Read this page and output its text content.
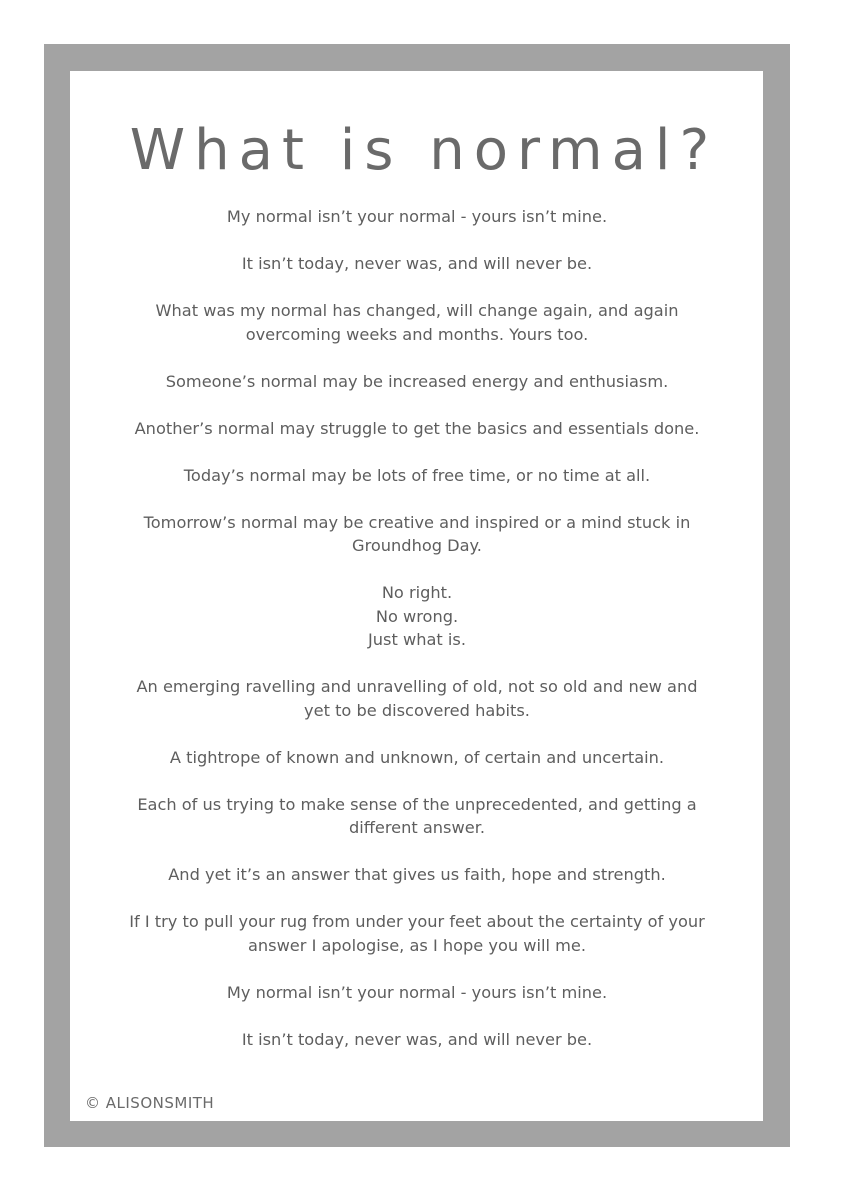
What is normal?
My normal isn’t your normal - yours isn’t mine.
It isn’t today, never was, and will never be.
What was my normal has changed, will change again, and again
overcoming weeks and months. Yours too.
Someone’s normal may be increased energy and enthusiasm.
Another’s normal may struggle to get the basics and essentials done.
Today’s normal may be lots of free time, or no time at all.
Tomorrow’s normal may be creative and inspired or a mind stuck in
Groundhog Day.
No right.
No wrong.
Just what is.
An emerging ravelling and unravelling of old, not so old and new and
yet to be discovered habits.
A tightrope of known and unknown, of certain and uncertain.
Each of us trying to make sense of the unprecedented, and getting a
different answer.
And yet it’s an answer that gives us faith, hope and strength.
If I try to pull your rug from under your feet about the certainty of your
answer I apologise, as I hope you will me.
My normal isn’t your normal - yours isn’t mine.
It isn’t today, never was, and will never be.
© ALISONSMITH
